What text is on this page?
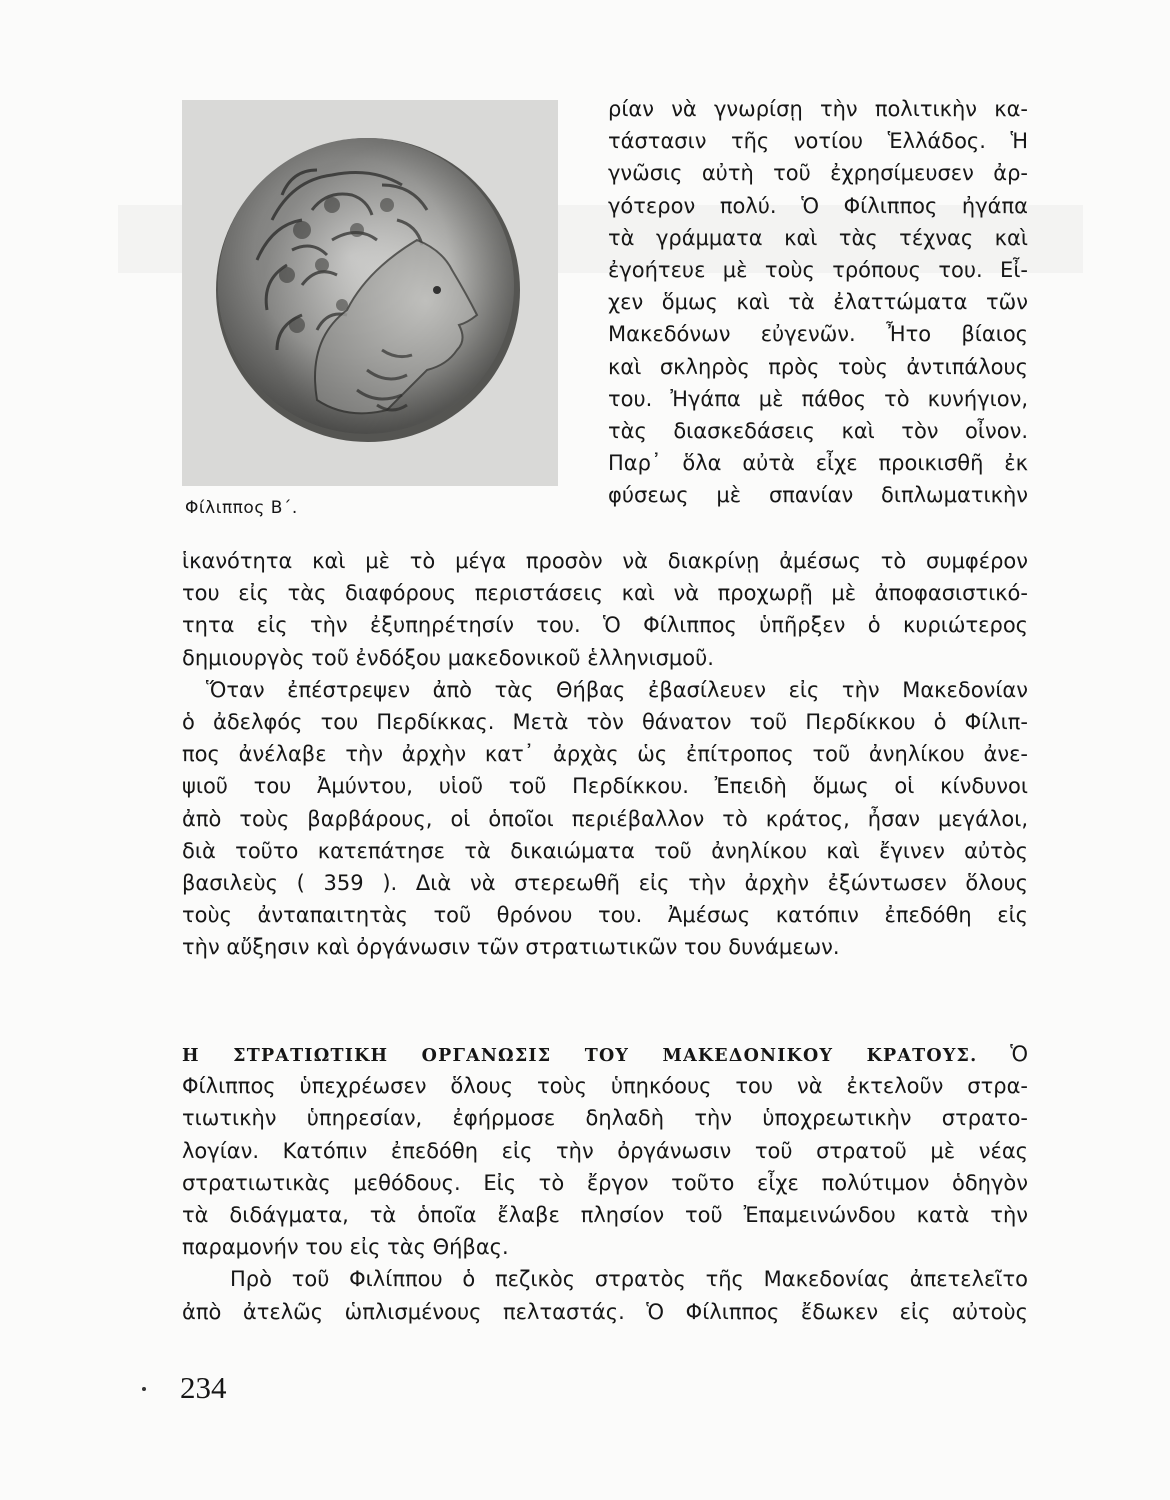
Φίλιππος Β΄.
ρίαν νὰ γνωρίσῃ τὴν πολιτικὴν κα-
τάστασιν τῆς νοτίου Ἑλλάδος. Ἡ
γνῶσις αὐτὴ τοῦ ἐχρησίμευσεν ἀρ-
γότερον πολύ. Ὁ Φίλιππος ἠγάπα
τὰ γράμματα καὶ τὰς τέχνας καὶ
ἐγοήτευε μὲ τοὺς τρόπους του. Εἶ-
χεν ὅμως καὶ τὰ ἐλαττώματα τῶν
Μακεδόνων εὐγενῶν. Ἦτο βίαιος
καὶ σκληρὸς πρὸς τοὺς ἀντιπάλους
του. Ἠγάπα μὲ πάθος τὸ κυνήγιον,
τὰς διασκεδάσεις καὶ τὸν οἶνον.
Παρ᾽ ὅλα αὐτὰ εἶχε προικισθῆ ἐκ
φύσεως μὲ σπανίαν διπλωματικὴν
ἱκανότητα καὶ μὲ τὸ μέγα προσὸν νὰ διακρίνῃ ἀμέσως τὸ συμφέρον
του εἰς τὰς διαφόρους περιστάσεις καὶ νὰ προχωρῇ μὲ ἀποφασιστικό-
τητα εἰς τὴν ἐξυπηρέτησίν του. Ὁ Φίλιππος ὑπῆρξεν ὁ κυριώτερος
δημιουργὸς τοῦ ἐνδόξου μακεδονικοῦ ἑλληνισμοῦ.
Ὅταν ἐπέστρεψεν ἀπὸ τὰς Θήβας ἐβασίλευεν εἰς τὴν Μακεδονίαν
ὁ ἀδελφός του Περδίκκας. Μετὰ τὸν θάνατον τοῦ Περδίκκου ὁ Φίλιπ-
πος ἀνέλαβε τὴν ἀρχὴν κατ᾽ ἀρχὰς ὡς ἐπίτροπος τοῦ ἀνηλίκου ἀνε-
ψιοῦ του Ἀμύντου, υἱοῦ τοῦ Περδίκκου. Ἐπειδὴ ὅμως οἱ κίνδυνοι
ἀπὸ τοὺς βαρβάρους, οἱ ὁποῖοι περιέβαλλον τὸ κράτος, ἦσαν μεγάλοι,
διὰ τοῦτο κατεπάτησε τὰ δικαιώματα τοῦ ἀνηλίκου καὶ ἔγινεν αὐτὸς
βασιλεὺς ( 359 ). Διὰ νὰ στερεωθῆ εἰς τὴν ἀρχὴν ἐξώντωσεν ὅλους
τοὺς ἀνταπαιτητὰς τοῦ θρόνου του. Ἀμέσως κατόπιν ἐπεδόθη εἰς
τὴν αὔξησιν καὶ ὀργάνωσιν τῶν στρατιωτικῶν του δυνάμεων.
Η ΣΤΡΑΤΙΩΤΙΚΗ ΟΡΓΑΝΩΣΙΣ ΤΟΥ ΜΑΚΕΔΟΝΙΚΟΥ ΚΡΑΤΟΥΣ. Ὁ
Φίλιππος ὑπεχρέωσεν ὅλους τοὺς ὑπηκόους του νὰ ἐκτελοῦν στρα-
τιωτικὴν ὑπηρεσίαν, ἐφήρμοσε δηλαδὴ τὴν ὑποχρεωτικὴν στρατο-
λογίαν. Κατόπιν ἐπεδόθη εἰς τὴν ὀργάνωσιν τοῦ στρατοῦ μὲ νέας
στρατιωτικὰς μεθόδους. Εἰς τὸ ἔργον τοῦτο εἶχε πολύτιμον ὁδηγὸν
τὰ διδάγματα, τὰ ὁποῖα ἔλαβε πλησίον τοῦ Ἐπαμεινώνδου κατὰ τὴν
παραμονήν του εἰς τὰς Θήβας.
Πρὸ τοῦ Φιλίππου ὁ πεζικὸς στρατὸς τῆς Μακεδονίας ἀπετελεῖτο
ἀπὸ ἀτελῶς ὡπλισμένους πελταστάς. Ὁ Φίλιππος ἔδωκεν εἰς αὐτοὺς
234
